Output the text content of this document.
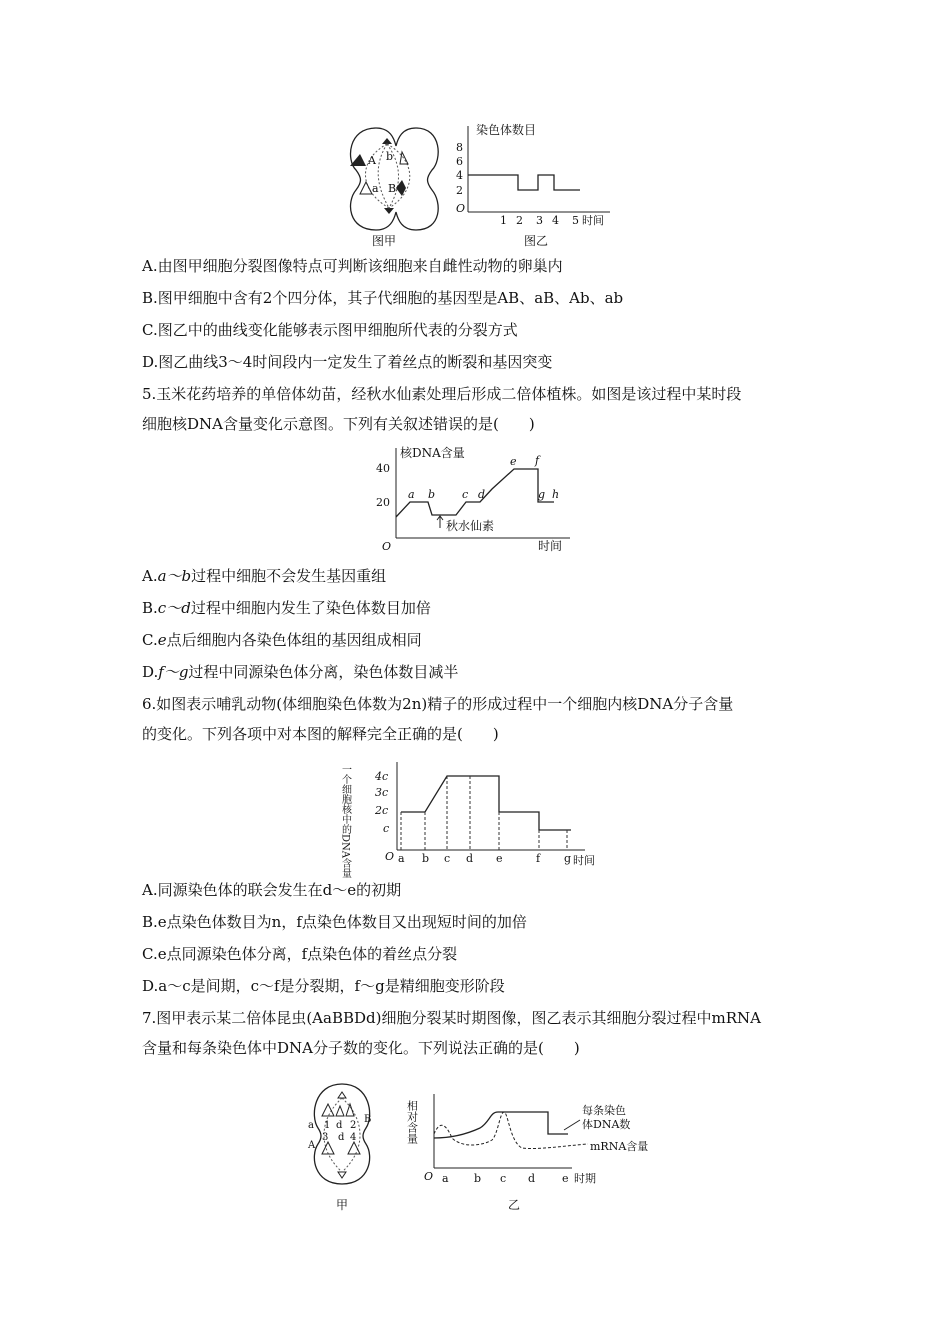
A b
a B
图甲
染色体数目
8
6
4
2
O
1 2 3 4 5 时间
图乙
A.由图甲细胞分裂图像特点可判断该细胞来自雌性动物的卵巢内
B.图甲细胞中含有2个四分体，其子代细胞的基因型是AB、aB、Ab、ab
C.图乙中的曲线变化能够表示图甲细胞所代表的分裂方式
D.图乙曲线3～4时间段内一定发生了着丝点的断裂和基因突变
5.玉米花药培养的单倍体幼苗，经秋水仙素处理后形成二倍体植株。如图是该过程中某时段
细胞核DNA含量变化示意图。下列有关叙述错误的是(　　)
核DNA含量
40
20
O
a b c d
e f
g h
秋水仙素
时间
A.a～b过程中细胞不会发生基因重组
B.c～d过程中细胞内发生了染色体数目加倍
C.e点后细胞内各染色体组的基因组成相同
D.f～g过程中同源染色体分离，染色体数目减半
6.如图表示哺乳动物(体细胞染色体数为2n)精子的形成过程中一个细胞内核DNA分子含量
的变化。下列各项中对本图的解释完全正确的是(　　)
一个细胞核中的DNA含量 4c
3c
2c
c
O a b c d e	f g 时间
A.同源染色体的联会发生在d～e的初期
B.e点染色体数目为n，f点染色体数目又出现短时间的加倍
C.e点同源染色体分离，f点染色体的着丝点分裂
D.a～c是间期，c～f是分裂期，f～g是精细胞变形阶段
7.图甲表示某二倍体昆虫(AaBBDd)细胞分裂某时期图像，图乙表示其细胞分裂过程中mRNA
含量和每条染色体中DNA分子数的变化。下列说法正确的是(　　)
a 1 d 2
B
A
3 d 4
甲
相对含量
O
每条染色
体DNA数
mRNA含量
a b c d e 时期
乙
